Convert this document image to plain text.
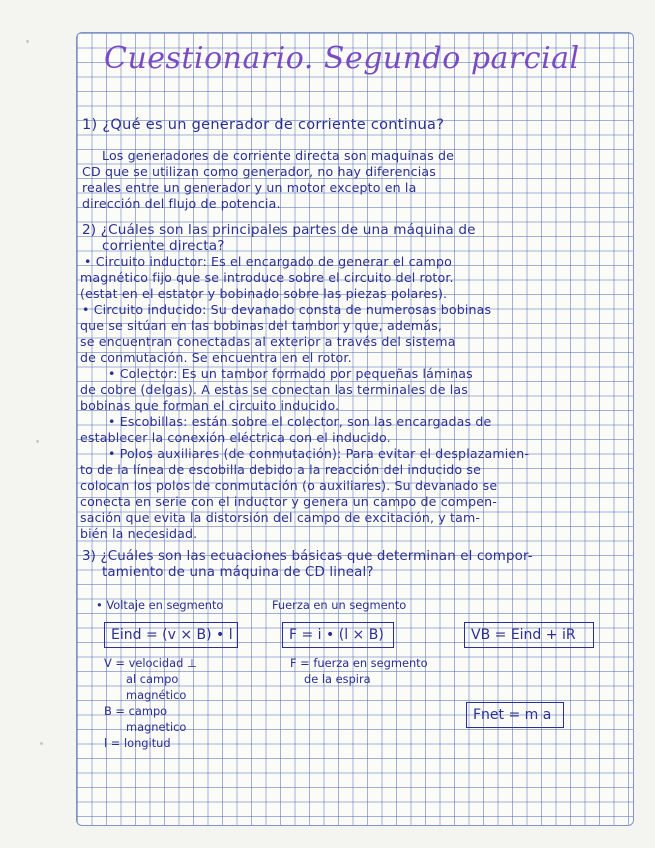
Cuestionario. Segundo parcial
1) ¿Qué es un generador de corriente continua?
Los generadores de corriente directa son maquinas de
CD que se utilizan como generador, no hay diferencias
reales entre un generador y un motor excepto en la
dirección del flujo de potencia.
2) ¿Cuáles son las principales partes de una máquina de
corriente directa?
• Circuito inductor: Es el encargado de generar el campo
magnético fijo que se introduce sobre el circuito del rotor.
(estat en el estator y bobinado sobre las piezas polares).
• Circuito inducido: Su devanado consta de numerosas bobinas
que se sitúan en las bobinas del tambor y que, además,
se encuentran conectadas al exterior a través del sistema
de conmutación. Se encuentra en el rotor.
• Colector: Es un tambor formado por pequeñas láminas
de cobre (delgas). A estas se conectan las terminales de las
bobinas que forman el circuito inducido.
• Escobillas: están sobre el colector, son las encargadas de
establecer la conexión eléctrica con el inducido.
• Polos auxiliares (de conmutación): Para evitar el desplazamien-
to de la línea de escobilla debido a la reacción del inducido se
colocan los polos de conmutación (o auxiliares). Su devanado se
conecta en serie con el inductor y genera un campo de compen-
sación que evita la distorsión del campo de excitación, y tam-
bién la necesidad.
3) ¿Cuáles son las ecuaciones básicas que determinan el compor-
tamiento de una máquina de CD lineal?
• Voltaje en segmento
Eind = (v × B) • l
V = velocidad ⊥
al campo
magnético
B = campo
magnetico
l = longitud
Fuerza en un segmento
F = i • (l × B)
F = fuerza en segmento
de la espira
VB = Eind + iR
Fnet = m a
